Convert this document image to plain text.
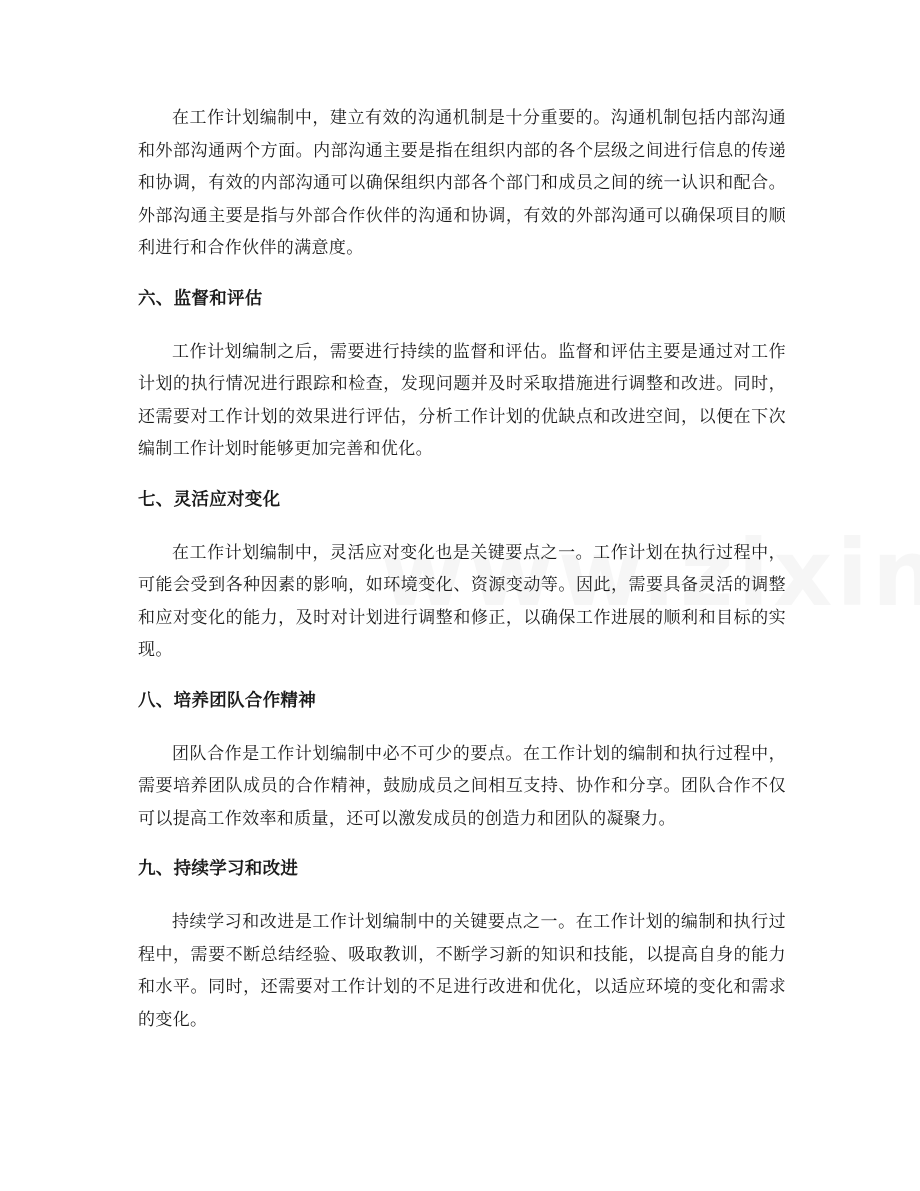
在工作计划编制中，建立有效的沟通机制是十分重要的。沟通机制包括内部沟通和外部沟通两个方面。内部沟通主要是指在组织内部的各个层级之间进行信息的传递和协调，有效的内部沟通可以确保组织内部各个部门和成员之间的统一认识和配合。外部沟通主要是指与外部合作伙伴的沟通和协调，有效的外部沟通可以确保项目的顺利进行和合作伙伴的满意度。

六、监督和评估

工作计划编制之后，需要进行持续的监督和评估。监督和评估主要是通过对工作计划的执行情况进行跟踪和检查，发现问题并及时采取措施进行调整和改进。同时，还需要对工作计划的效果进行评估，分析工作计划的优缺点和改进空间，以便在下次编制工作计划时能够更加完善和优化。

七、灵活应对变化

在工作计划编制中，灵活应对变化也是关键要点之一。工作计划在执行过程中，可能会受到各种因素的影响，如环境变化、资源变动等。因此，需要具备灵活的调整和应对变化的能力，及时对计划进行调整和修正，以确保工作进展的顺利和目标的实现。

八、培养团队合作精神

团队合作是工作计划编制中必不可少的要点。在工作计划的编制和执行过程中，需要培养团队成员的合作精神，鼓励成员之间相互支持、协作和分享。团队合作不仅可以提高工作效率和质量，还可以激发成员的创造力和团队的凝聚力。

九、持续学习和改进

持续学习和改进是工作计划编制中的关键要点之一。在工作计划的编制和执行过程中，需要不断总结经验、吸取教训，不断学习新的知识和技能，以提高自身的能力和水平。同时，还需要对工作计划的不足进行改进和优化，以适应环境的变化和需求的变化。
